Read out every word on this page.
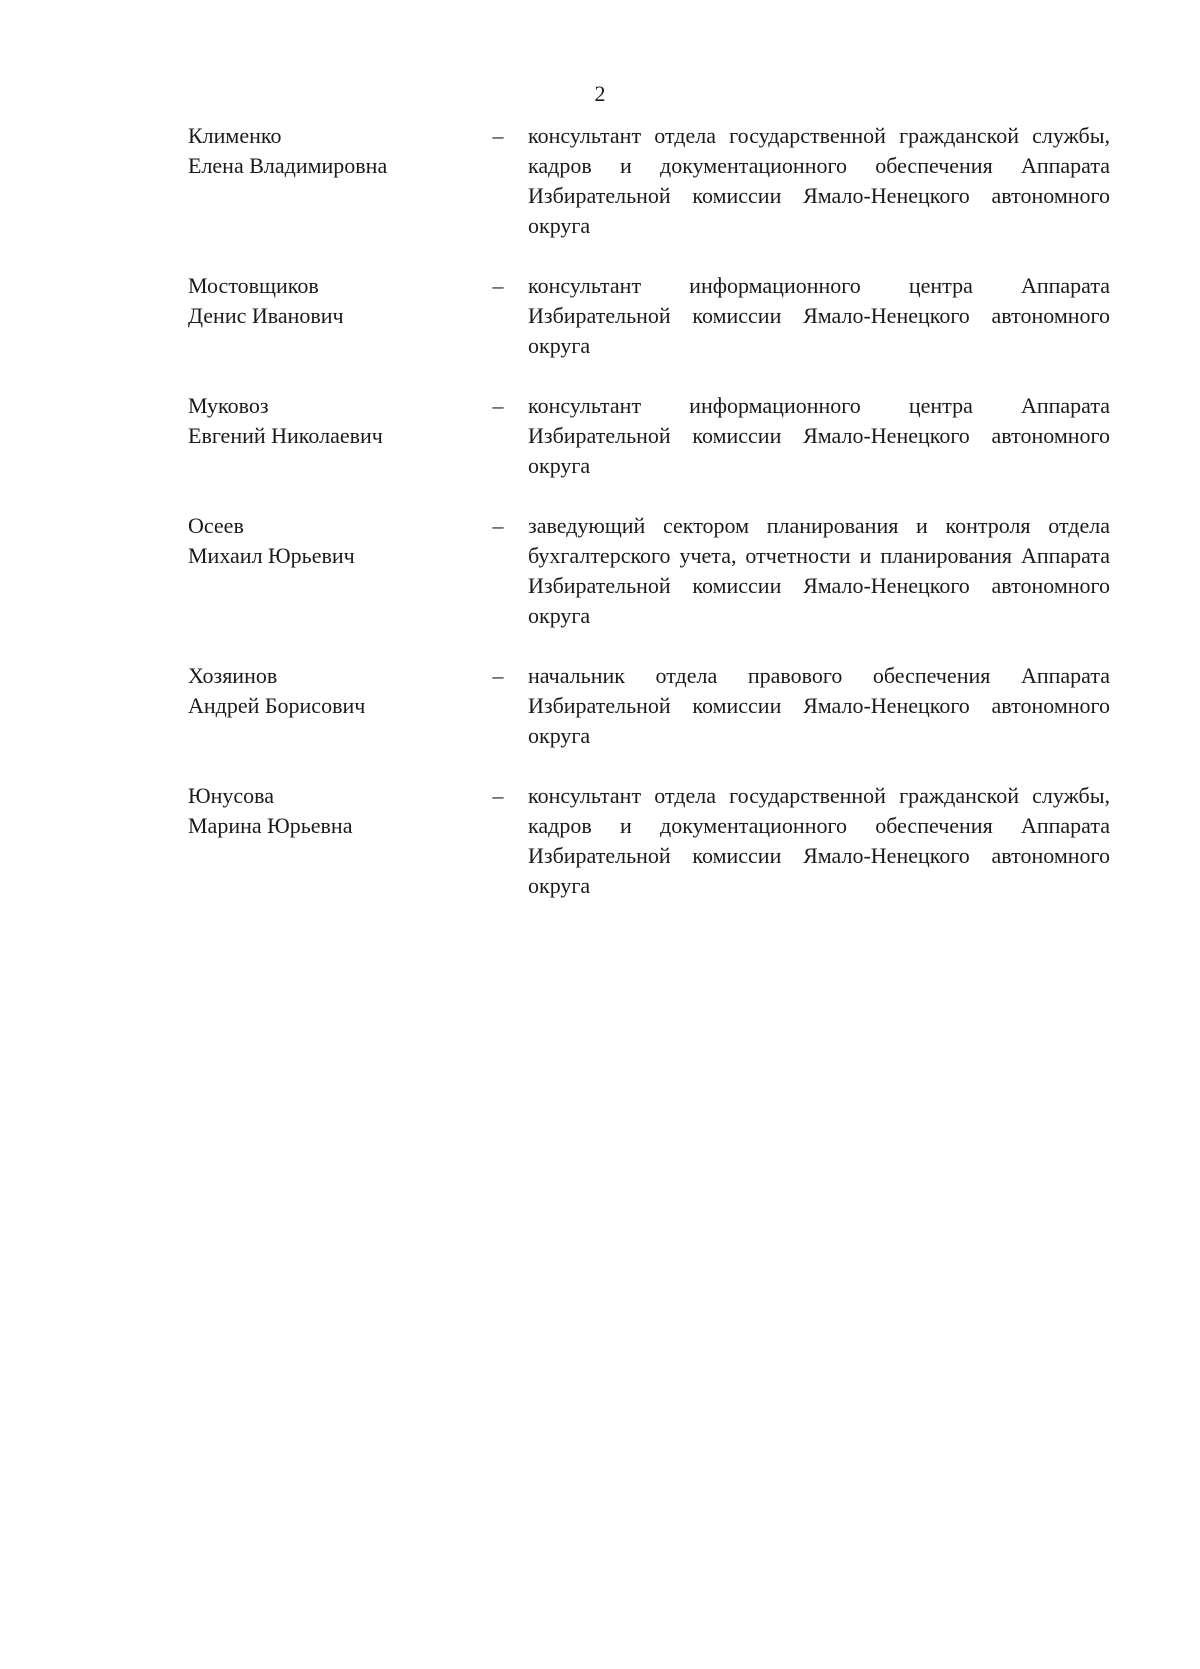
2
Клименко
Елена Владимировна
–	консультант отдела государственной гражданской службы, кадров и документационного обеспечения Аппарата Избирательной комиссии Ямало-Ненецкого автономного округа
Мостовщиков
Денис Иванович
–	консультант информационного центра Аппарата Избирательной комиссии Ямало-Ненецкого автономного округа
Муковоз
Евгений Николаевич
–	консультант информационного центра Аппарата Избирательной комиссии Ямало-Ненецкого автономного округа
Осеев
Михаил Юрьевич
–	заведующий сектором планирования и контроля отдела бухгалтерского учета, отчетности и планирования Аппарата Избирательной комиссии Ямало-Ненецкого автономного округа
Хозяинов
Андрей Борисович
–	начальник отдела правового обеспечения Аппарата Избирательной комиссии Ямало-Ненецкого автономного округа
Юнусова
Марина Юрьевна
–	консультант отдела государственной гражданской службы, кадров и документационного обеспечения Аппарата Избирательной комиссии Ямало-Ненецкого автономного округа
